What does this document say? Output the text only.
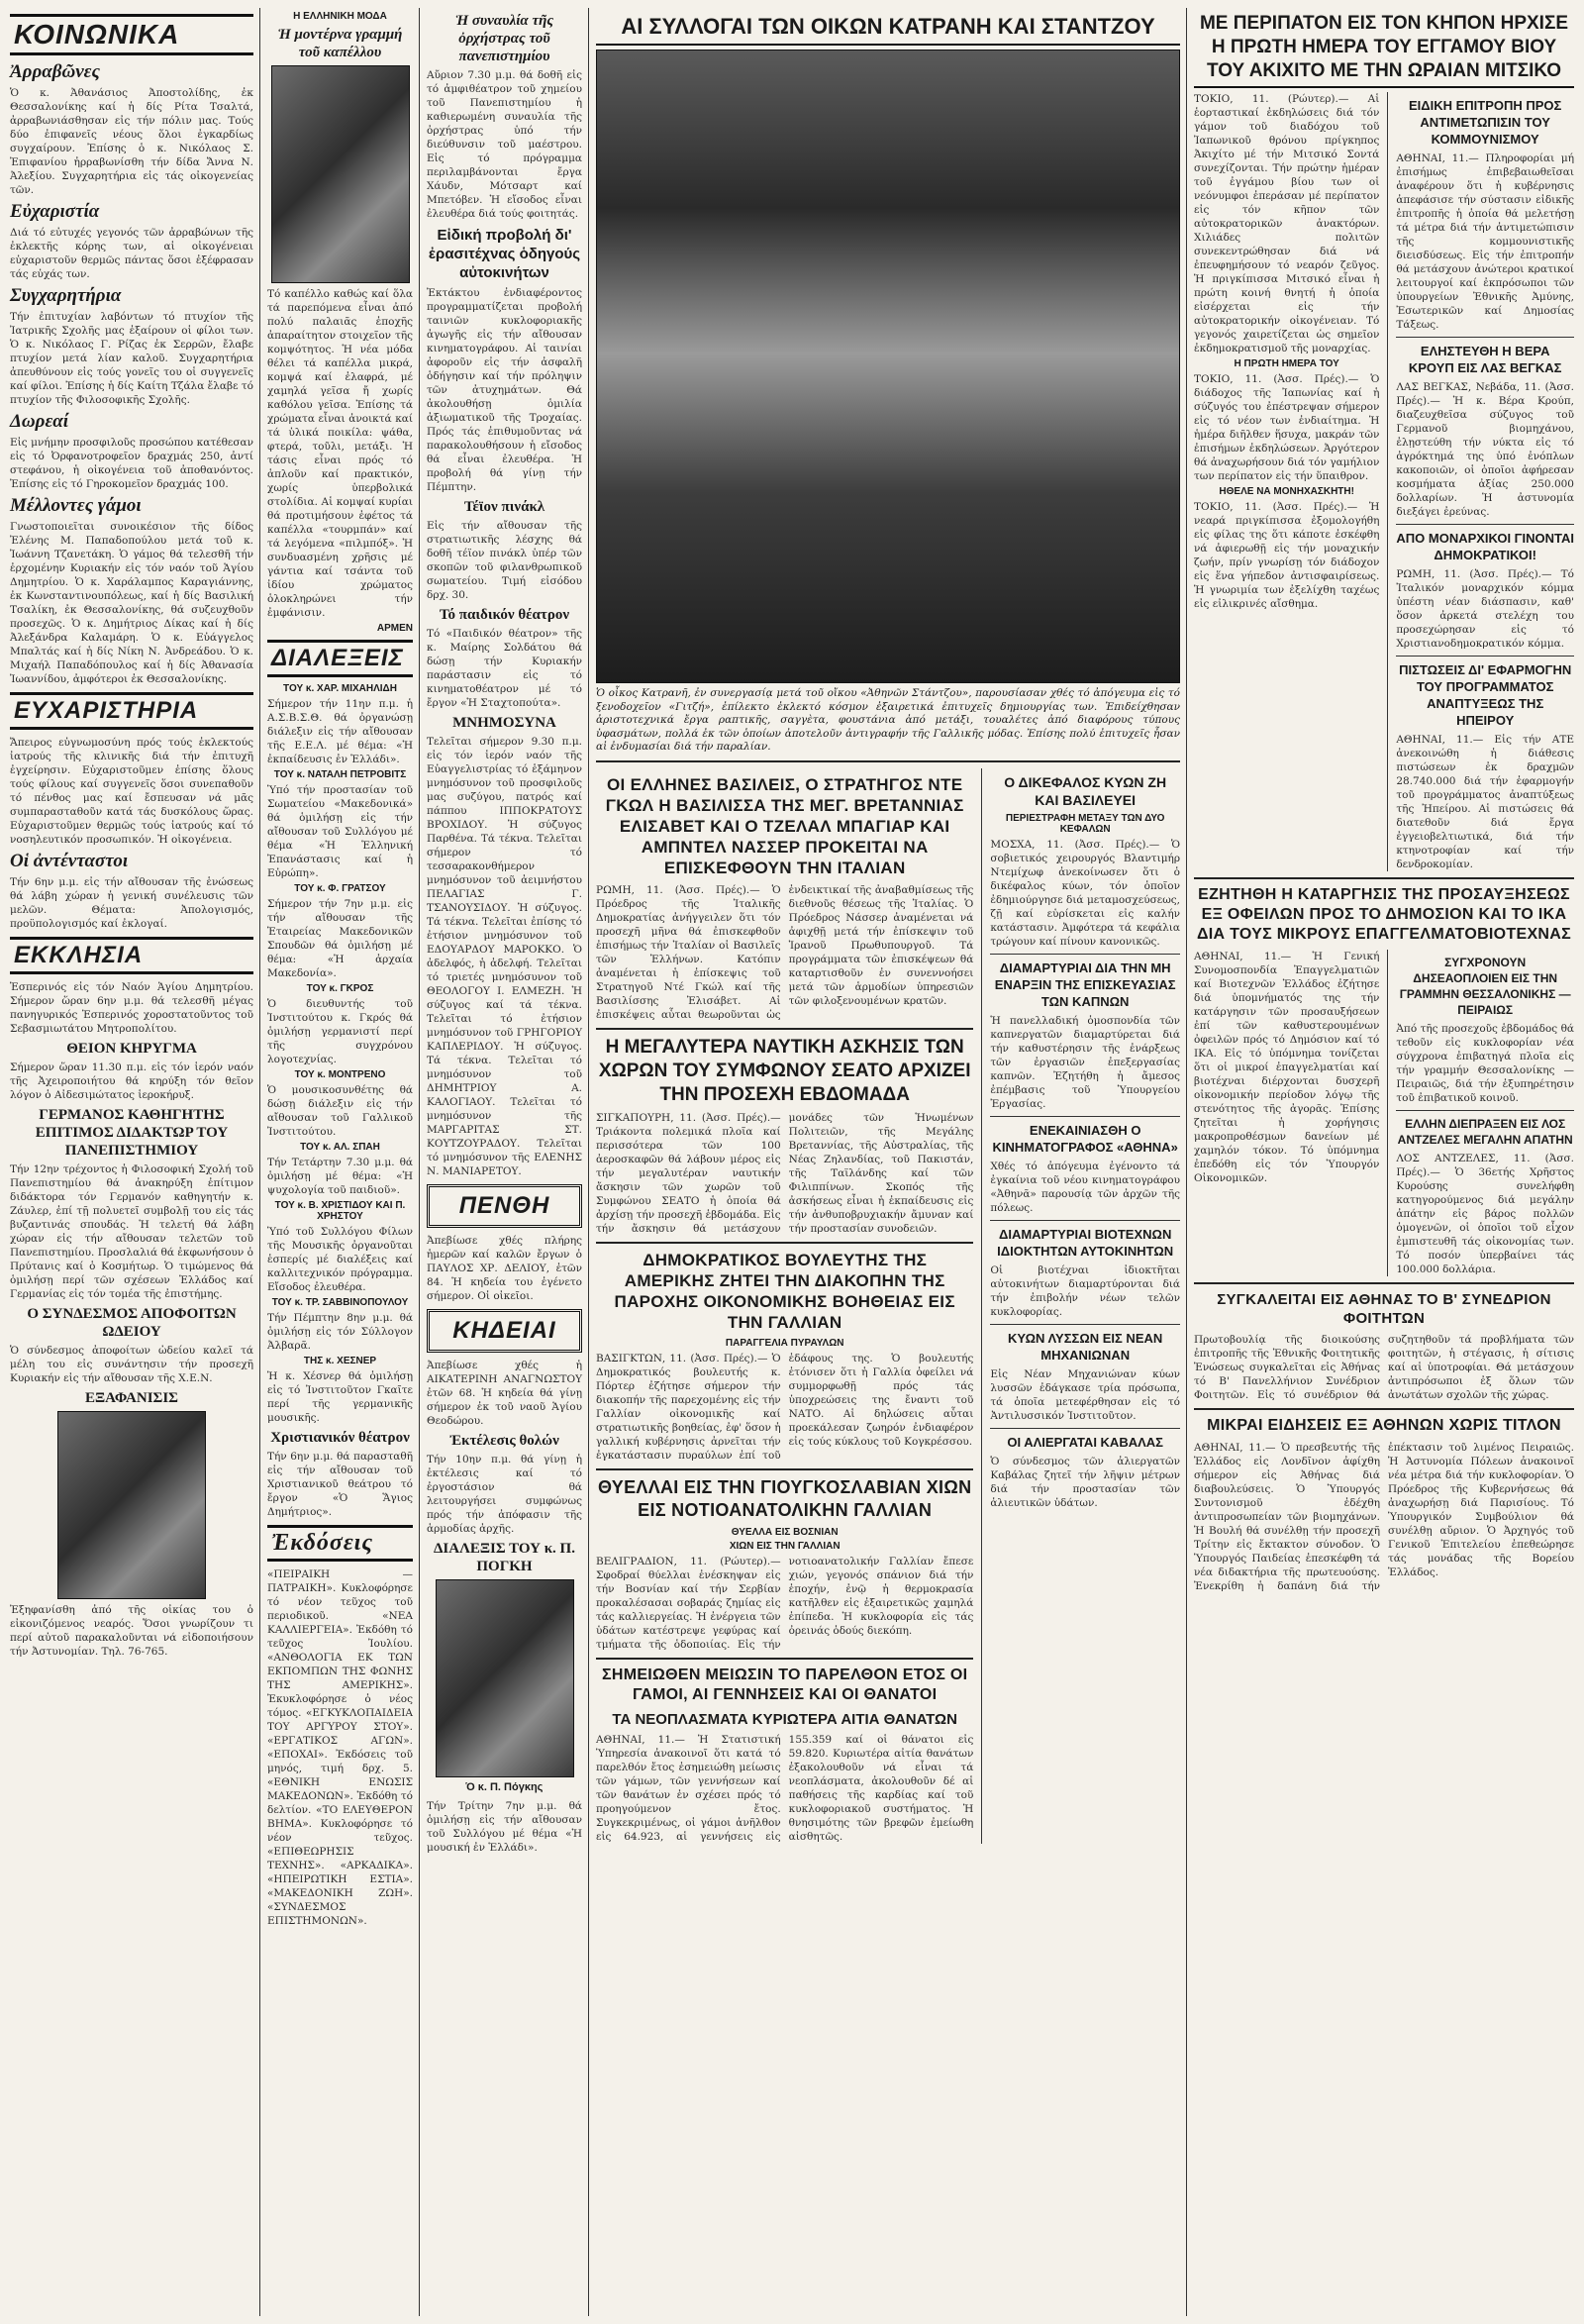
ΚΟΙΝΩΝΙΚΑ
Ἀρραβῶνες
Ὁ κ. Ἀθανάσιος Ἀποστολίδης, ἐκ Θεσσαλονίκης καί ἡ δίς Ρίτα Τσαλτά, ἀρραβωνιάσθησαν εἰς τήν πόλιν μας. Τούς δύο ἐπιφανεῖς νέους ὅλοι ἐγκαρδίως συγχαίρουν. Ἐπίσης ὁ κ. Νικόλαος Σ. Ἐπιφανίου ἠρραβωνίσθη τήν δίδα Ἄννα Ν. Ἀλεξίου. Συγχαρητήρια εἰς τάς οἰκογενείας τῶν.
Εὐχαριστία
Διά τό εὐτυχές γεγονός τῶν ἀρραβώνων τῆς ἐκλεκτῆς κόρης των, αἱ οἰκογένειαι εὐχαριστοῦν θερμῶς πάντας ὅσοι ἐξέφρασαν τάς εὐχάς των.
Συγχαρητήρια
Τήν ἐπιτυχίαν λαβόντων τό πτυχίον τῆς Ἰατρικῆς Σχολῆς μας ἐξαίρουν οἱ φίλοι των. Ὁ κ. Νικόλαος Γ. Ρίζας ἐκ Σερρῶν, ἔλαβε πτυχίον μετά λίαν καλοῦ. Συγχαρητήρια ἀπευθύνουν εἰς τούς γονεῖς του οἱ συγγενεῖς καί φίλοι. Ἐπίσης ἡ δίς Καίτη Τζάλα ἔλαβε τό πτυχίον τῆς Φιλοσοφικῆς Σχολῆς.
Δωρεαί
Εἰς μνήμην προσφιλοῦς προσώπου κατέθεσαν εἰς τό Ὀρφανοτροφεῖον δραχμάς 250, ἀντί στεφάνου, ἡ οἰκογένεια τοῦ ἀποθανόντος. Ἐπίσης εἰς τό Γηροκομεῖον δραχμάς 100.
Μέλλοντες γάμοι
Γνωστοποιεῖται συνοικέσιον τῆς δίδος Ἐλένης Μ. Παπαδοπούλου μετά τοῦ κ. Ἰωάννη Τζανετάκη. Ὁ γάμος θά τελεσθῆ τήν ἐρχομένην Κυριακήν εἰς τόν ναόν τοῦ Ἁγίου Δημητρίου. Ὁ κ. Χαράλαμπος Καραγιάννης, ἐκ Κωνσταντινουπόλεως, καί ἡ δίς Βασιλική Τσαλίκη, ἐκ Θεσσαλονίκης, θά συζευχθοῦν προσεχῶς. Ὁ κ. Δημήτριος Δίκας καί ἡ δίς Ἀλεξάνδρα Καλαμάρη. Ὁ κ. Εὐάγγελος Μπαλτάς καί ἡ δίς Νίκη Ν. Ἀνδρεάδου. Ὁ κ. Μιχαήλ Παπαδόπουλος καί ἡ δίς Ἀθανασία Ἰωαννίδου, ἀμφότεροι ἐκ Θεσσαλονίκης.
ΕΥΧΑΡΙΣΤΗΡΙΑ
Ἄπειρος εὐγνωμοσύνη πρός τούς ἐκλεκτούς ἰατρούς τῆς κλινικῆς διά τήν ἐπιτυχῆ ἐγχείρησιν. Εὐχαριστοῦμεν ἐπίσης ὅλους τούς φίλους καί συγγενεῖς ὅσοι συνεπαθοῦν τό πένθος μας καί ἔσπευσαν νά μᾶς συμπαρασταθοῦν κατά τάς δυσκόλους ὥρας. Εὐχαριστοῦμεν θερμῶς τούς ἰατρούς καί τό νοσηλευτικόν προσωπικόν. Ἡ οἰκογένεια.
Οἱ ἀντένταστοι
Τήν 6ην μ.μ. εἰς τήν αἴθουσαν τῆς ἑνώσεως θά λάβη χώραν ἡ γενική συνέλευσις τῶν μελῶν. Θέματα: Ἀπολογισμός, προϋπολογισμός καί ἐκλογαί.
ΕΚΚΛΗΣΙΑ
Ἑσπερινός εἰς τόν Ναόν Ἁγίου Δημητρίου. Σήμερον ὥραν 6ην μ.μ. θά τελεσθῆ μέγας πανηγυρικός Ἑσπερινός χοροστατοῦντος τοῦ Σεβασμιωτάτου Μητροπολίτου.
ΘΕΙΟΝ ΚΗΡΥΓΜΑ
Σήμερον ὥραν 11.30 π.μ. εἰς τόν ἱερόν ναόν τῆς Ἀχειροποιήτου θά κηρύξη τόν θεῖον λόγον ὁ Αἰδεσιμώτατος ἱεροκήρυξ.
ΓΕΡΜΑΝΟΣ ΚΑΘΗΓΗΤΗΣ ΕΠΙΤΙΜΟΣ ΔΙΔΑΚΤΩΡ ΤΟΥ ΠΑΝΕΠΙΣΤΗΜΙΟΥ
Τήν 12ην τρέχοντος ἡ Φιλοσοφική Σχολή τοῦ Πανεπιστημίου θά ἀνακηρύξη ἐπίτιμον διδάκτορα τόν Γερμανόν καθηγητήν κ. Ζάυλερ, ἐπί τῇ πολυετεῖ συμβολῇ του εἰς τάς βυζαντινάς σπουδάς. Ἡ τελετή θά λάβη χώραν εἰς τήν αἴθουσαν τελετῶν τοῦ Πανεπιστημίου. Προσλαλιά θά ἐκφωνήσουν ὁ Πρύτανις καί ὁ Κοσμήτωρ. Ὁ τιμώμενος θά ὁμιλήσῃ περί τῶν σχέσεων Ἑλλάδος καί Γερμανίας εἰς τόν τομέα τῆς ἐπιστήμης.
Ο ΣΥΝΔΕΣΜΟΣ ΑΠΟΦΟΙΤΩΝ ΩΔΕΙΟΥ
Ὁ σύνδεσμος ἀποφοίτων ὠδείου καλεῖ τά μέλη του εἰς συνάντησιν τήν προσεχῆ Κυριακήν εἰς τήν αἴθουσαν τῆς Χ.Ε.Ν.
ΕΞΑΦΑΝΙΣΙΣ
Ἐξηφανίσθη ἀπό τῆς οἰκίας του ὁ εἰκονιζόμενος νεαρός. Ὅσοι γνωρίζουν τι περί αὐτοῦ παρακαλοῦνται νά εἰδοποιήσουν τήν Ἀστυνομίαν. Τηλ. 76-765.
Η ΕΛΛΗΝΙΚΗ ΜΟΔΑ
Ἡ μοντέρνα γραμμή τοῦ καπέλλου
Τό καπέλλο καθώς καί ὅλα τά παρεπόμενα εἶναι ἀπό πολύ παλαιᾶς ἐποχῆς ἀπαραίτητον στοιχεῖον τῆς κομψότητος. Ἡ νέα μόδα θέλει τά καπέλλα μικρά, κομψά καί ἐλαφρά, μέ χαμηλά γεῖσα ἤ χωρίς καθόλου γεῖσα. Ἐπίσης τά χρώματα εἶναι ἀνοικτά καί τά ὑλικά ποικίλα: ψάθα, φτερά, τοῦλι, μετάξι. Ἡ τάσις εἶναι πρός τό ἁπλοῦν καί πρακτικόν, χωρίς ὑπερβολικά στολίδια. Αἱ κομψαί κυρίαι θά προτιμήσουν ἐφέτος τά καπέλλα «τουρμπάν» καί τά λεγόμενα «πιλμπόξ». Ἡ συνδυασμένη χρῆσις μέ γάντια καί τσάντα τοῦ ἰδίου χρώματος ὁλοκληρώνει τήν ἐμφάνισιν.
ΑΡΜΕΝ
ΔΙΑΛΕΞΕΙΣ
ΤΟΥ κ. ΧΑΡ. ΜΙΧΑΗΛΙΔΗ
Σήμερον τήν 11ην π.μ. ἡ Α.Σ.Β.Σ.Θ. θά ὀργανώσῃ διάλεξιν εἰς τήν αἴθουσαν τῆς Ε.Ε.Λ. μέ θέμα: «Ἡ ἐκπαίδευσις ἐν Ἑλλάδι».
ΤΟΥ κ. ΝΑΤΑΛΗ ΠΕΤΡΟΒΙΤΣ
Ὑπό τήν προστασίαν τοῦ Σωματείου «Μακεδονικά» θά ὁμιλήσῃ εἰς τήν αἴθουσαν τοῦ Συλλόγου μέ θέμα «Ἡ Ἑλληνική Ἐπανάστασις καί ἡ Εὐρώπη».
ΤΟΥ κ. Φ. ΓΡΑΤΣΟΥ
Σήμερον τήν 7ην μ.μ. εἰς τήν αἴθουσαν τῆς Ἑταιρείας Μακεδονικῶν Σπουδῶν θά ὁμιλήσῃ μέ θέμα: «Ἡ ἀρχαία Μακεδονία».
ΤΟΥ κ. ΓΚΡΟΣ
Ὁ διευθυντής τοῦ Ἰνστιτούτου κ. Γκρός θά ὁμιλήσῃ γερμανιστί περί τῆς συγχρόνου λογοτεχνίας.
ΤΟΥ κ. ΜΟΝΤΡΕΝΟ
Ὁ μουσικοσυνθέτης θά δώσῃ διάλεξιν εἰς τήν αἴθουσαν τοῦ Γαλλικοῦ Ἰνστιτούτου.
ΤΟΥ κ. ΑΛ. ΣΠΑΗ
Τήν Τετάρτην 7.30 μ.μ. θά ὁμιλήσῃ μέ θέμα: «Ἡ ψυχολογία τοῦ παιδιοῦ».
ΤΟΥ κ. Β. ΧΡΙΣΤΙΔΟΥ ΚΑΙ Π. ΧΡΗΣΤΟΥ
Ὑπό τοῦ Συλλόγου Φίλων τῆς Μουσικῆς ὀργανοῦται ἑσπερίς μέ διαλέξεις καί καλλιτεχνικόν πρόγραμμα. Εἴσοδος ἐλευθέρα.
ΤΟΥ κ. ΤΡ. ΣΑΒΒΙΝΟΠΟΥΛΟΥ
Τήν Πέμπτην 8ην μ.μ. θά ὁμιλήσῃ εἰς τόν Σύλλογον Ἀλβαρᾶ.
ΤΗΣ κ. ΧΕΣΝΕΡ
Ἡ κ. Χέσνερ θά ὁμιλήσῃ εἰς τό Ἰνστιτοῦτον Γκαῖτε περί τῆς γερμανικῆς μουσικῆς.
Χριστιανικόν θέατρον
Τήν 6ην μ.μ. θά παρασταθῆ εἰς τήν αἴθουσαν τοῦ Χριστιανικοῦ θεάτρου τό ἔργον «Ὁ Ἅγιος Δημήτριος».
Ἐκδόσεις
«ΠΕΙΡΑΙΚΗ — ΠΑΤΡΑΙΚΗ». Κυκλοφόρησε τό νέον τεῦχος τοῦ περιοδικοῦ. «ΝΕΑ ΚΑΛΛΙΕΡΓΕΙΑ». Ἐκδόθη τό τεῦχος Ἰουλίου. «ΑΝΘΟΛΟΓΙΑ ΕΚ ΤΩΝ ΕΚΠΟΜΠΩΝ ΤΗΣ ΦΩΝΗΣ ΤΗΣ ΑΜΕΡΙΚΗΣ». Ἐκυκλοφόρησε ὁ νέος τόμος. «ΕΓΚΥΚΛΟΠΑΙΔΕΙΑ ΤΟΥ ΑΡΓΥΡΟΥ ΣΤΟΥ». «ΕΡΓΑΤΙΚΟΣ ΑΓΩΝ». «ΕΠΟΧΑΙ». Ἐκδόσεις τοῦ μηνός, τιμή δρχ. 5. «ΕΘΝΙΚΗ ΕΝΩΣΙΣ ΜΑΚΕΔΟΝΩΝ». Ἐκδόθη τό δελτίον. «ΤΟ ΕΛΕΥΘΕΡΟΝ ΒΗΜΑ». Κυκλοφόρησε τό νέον τεῦχος. «ΕΠΙΘΕΩΡΗΣΙΣ ΤΕΧΝΗΣ». «ΑΡΚΑΔΙΚΑ». «ΗΠΕΙΡΩΤΙΚΗ ΕΣΤΙΑ». «ΜΑΚΕΔΟΝΙΚΗ ΖΩΗ». «ΣΥΝΔΕΣΜΟΣ ΕΠΙΣΤΗΜΟΝΩΝ».
Ἡ συναυλία τῆς ὀρχήστρας τοῦ πανεπιστημίου
Αὔριον 7.30 μ.μ. θά δοθῆ εἰς τό ἀμφιθέατρον τοῦ χημείου τοῦ Πανεπιστημίου ἡ καθιερωμένη συναυλία τῆς ὀρχήστρας ὑπό τήν διεύθυνσιν τοῦ μαέστρου. Εἰς τό πρόγραμμα περιλαμβάνονται ἔργα Χάυδν, Μότσαρτ καί Μπετόβεν. Ἡ εἴσοδος εἶναι ἐλευθέρα διά τούς φοιτητάς.
Εἰδική προβολή δι' ἐρασιτέχνας ὁδηγούς αὐτοκινήτων
Ἐκτάκτου ἐνδιαφέροντος προγραμματίζεται προβολή ταινιῶν κυκλοφοριακῆς ἀγωγῆς εἰς τήν αἴθουσαν κινηματογράφου. Αἱ ταινίαι ἀφοροῦν εἰς τήν ἀσφαλῆ ὁδήγησιν καί τήν πρόληψιν τῶν ἀτυχημάτων. Θά ἀκολουθήσῃ ὁμιλία ἀξιωματικοῦ τῆς Τροχαίας. Πρός τάς ἐπιθυμοῦντας νά παρακολουθήσουν ἡ εἴσοδος θά εἶναι ἐλευθέρα. Ἡ προβολή θά γίνῃ τήν Πέμπτην.
Τέϊον πινάκλ
Εἰς τήν αἴθουσαν τῆς στρατιωτικῆς λέσχης θά δοθῆ τέϊον πινάκλ ὑπέρ τῶν σκοπῶν τοῦ φιλανθρωπικοῦ σωματείου. Τιμή εἰσόδου δρχ. 30.
Τό παιδικόν θέατρον
Τό «Παιδικόν θέατρον» τῆς κ. Μαίρης Σολδάτου θά δώσῃ τήν Κυριακήν παράστασιν εἰς τό κινηματοθέατρον μέ τό ἔργον «Ἡ Σταχτοπούτα».
ΜΝΗΜΟΣΥΝΑ
Τελεῖται σήμερον 9.30 π.μ. εἰς τόν ἱερόν ναόν τῆς Εὐαγγελιστρίας τό ἑξάμηνον μνημόσυνον τοῦ προσφιλοῦς μας συζύγου, πατρός καί πάππου ΙΠΠΟΚΡΑΤΟΥΣ ΒΡΟΧΙΔΟΥ. Ἡ σύζυγος Παρθένα. Τά τέκνα. Τελεῖται σήμερον τό τεσσαρακονθήμερον μνημόσυνον τοῦ ἀειμνήστου ΠΕΛΑΓΙΑΣ Γ. ΤΣΑΝΟΥΣΙΔΟΥ. Ἡ σύζυγος. Τά τέκνα. Τελεῖται ἐπίσης τό ἐτήσιον μνημόσυνον τοῦ ΕΔΟΥΑΡΔΟΥ ΜΑΡΟΚΚΟ. Ὁ ἀδελφός, ἡ ἀδελφή. Τελεῖται τό τριετές μνημόσυνον τοῦ ΘΕΟΛΟΓΟΥ Ι. ΕΛΜΕΖΗ. Ἡ σύζυγος καί τά τέκνα. Τελεῖται τό ἐτήσιον μνημόσυνον τοῦ ΓΡΗΓΟΡΙΟΥ ΚΑΠΛΕΡΙΔΟΥ. Ἡ σύζυγος. Τά τέκνα. Τελεῖται τό μνημόσυνον τοῦ ΔΗΜΗΤΡΙΟΥ Α. ΚΑΛΟΓΙΑΟΥ. Τελεῖται τό μνημόσυνον τῆς ΜΑΡΓΑΡΙΤΑΣ ΣΤ. ΚΟΥΤΖΟΥΡΑΔΟΥ. Τελεῖται τό μνημόσυνον τῆς ΕΛΕΝΗΣ Ν. ΜΑΝΙΑΡΕΤΟΥ.
ΠΕΝΘΗ
Ἀπεβίωσε χθές πλήρης ἡμερῶν καί καλῶν ἔργων ὁ ΠΑΥΛΟΣ ΧΡ. ΔΕΛΙΟΥ, ἐτῶν 84. Ἡ κηδεία του ἐγένετο σήμερον. Οἱ οἰκεῖοι.
ΚΗΔΕΙΑΙ
Ἀπεβίωσε χθές ἡ ΑΙΚΑΤΕΡΙΝΗ ΑΝΑΓΝΩΣΤΟΥ ἐτῶν 68. Ἡ κηδεία θά γίνῃ σήμερον ἐκ τοῦ ναοῦ Ἁγίου Θεοδώρου.
Ἐκτέλεσις θολών
Τήν 10ην π.μ. θά γίνῃ ἡ ἐκτέλεσις καί τό ἐργοστάσιον θά λειτουργήσει συμφώνως πρός τήν ἀπόφασιν τῆς ἁρμοδίας ἀρχῆς.
ΔΙΑΛΕΞΙΣ ΤΟΥ κ. Π. ΠΟΓΚΗ
Ὁ κ. Π. Πόγκης
Τήν Τρίτην 7ην μ.μ. θά ὁμιλήσῃ εἰς τήν αἴθουσαν τοῦ Συλλόγου μέ θέμα «Ἡ μουσική ἐν Ἑλλάδι».
ΑΙ ΣΥΛΛΟΓΑΙ ΤΩΝ ΟΙΚΩΝ ΚΑΤΡΑΝΗ ΚΑΙ ΣΤΑΝΤΖΟΥ
Ὁ οἶκος Κατρανῆ, ἐν συνεργασίᾳ μετά τοῦ οἴκου «Ἀθηνῶν Στάντζου», παρουσίασαν χθές τό ἀπόγευμα εἰς τό ξενοδοχεῖον «Γιτζή», ἐπίλεκτο ἐκλεκτό κόσμον ἐξαιρετικά ἐπιτυχεῖς δημιουργίας των. Ἐπιδείχθησαν ἀριστοτεχνικά ἔργα ραπτικῆς, σαγγὲτα, φουστάνια ἀπό μετάξι, τουαλέτες ἀπό διαφόρους τύπους ὑφασμάτων, πολλά ἐκ τῶν ὁποίων ἀποτελοῦν ἀντιγραφήν τῆς Γαλλικῆς μόδας. Ἐπίσης πολύ ἐπιτυχεῖς ἦσαν αἱ ἐνδυμασίαι διά τήν παραλίαν.
ΟΙ ΕΛΛΗΝΕΣ ΒΑΣΙΛΕΙΣ, Ο ΣΤΡΑΤΗΓΟΣ ΝΤΕ ΓΚΩΛ Η ΒΑΣΙΛΙΣΣΑ ΤΗΣ ΜΕΓ. ΒΡΕΤΑΝΝΙΑΣ ΕΛΙΣΑΒΕΤ ΚΑΙ Ο ΤΖΕΛΑΛ ΜΠΑΓΙΑΡ ΚΑΙ ΑΜΠΝΤΕΛ ΝΑΣΣΕΡ ΠΡΟΚΕΙΤΑΙ ΝΑ ΕΠΙΣΚΕΦΘΟΥΝ ΤΗΝ ΙΤΑΛΙΑΝ
ΡΩΜΗ, 11. (Ἀσσ. Πρές).— Ὁ Πρόεδρος τῆς Ἰταλικῆς Δημοκρατίας ἀνήγγειλεν ὅτι τόν προσεχῆ μῆνα θά ἐπισκεφθοῦν ἐπισήμως τήν Ἰταλίαν οἱ Βασιλεῖς τῶν Ἑλλήνων. Κατόπιν ἀναμένεται ἡ ἐπίσκεψις τοῦ Στρατηγοῦ Ντέ Γκώλ καί τῆς Βασιλίσσης Ἐλισάβετ. Αἱ ἐπισκέψεις αὗται θεωροῦνται ὡς ἐνδεικτικαί τῆς ἀναβαθμίσεως τῆς διεθνοῦς θέσεως τῆς Ἰταλίας. Ὁ Πρόεδρος Νάσσερ ἀναμένεται νά ἀφιχθῇ μετά τήν ἐπίσκεψιν τοῦ Ἰρανοῦ Πρωθυπουργοῦ. Τά προγράμματα τῶν ἐπισκέψεων θά καταρτισθοῦν ἐν συνεννοήσει μετά τῶν ἁρμοδίων ὑπηρεσιῶν τῶν φιλοξενουμένων κρατῶν.
Η ΜΕΓΑΛΥΤΕΡΑ ΝΑΥΤΙΚΗ ΑΣΚΗΣΙΣ ΤΩΝ ΧΩΡΩΝ ΤΟΥ ΣΥΜΦΩΝΟΥ ΣΕΑΤΟ ΑΡΧΙΖΕΙ ΤΗΝ ΠΡΟΣΕΧΗ ΕΒΔΟΜΑΔΑ
ΣΙΓΚΑΠΟΥΡΗ, 11. (Ἀσσ. Πρές).— Τριάκοντα πολεμικά πλοῖα καί περισσότερα τῶν 100 ἀεροσκαφῶν θά λάβουν μέρος εἰς τήν μεγαλυτέραν ναυτικήν ἄσκησιν τῶν χωρῶν τοῦ Συμφώνου ΣΕΑΤΟ ἡ ὁποία θά ἀρχίσῃ τήν προσεχῆ ἑβδομάδα. Εἰς τήν ἄσκησιν θά μετάσχουν μονάδες τῶν Ἡνωμένων Πολιτειῶν, τῆς Μεγάλης Βρεταννίας, τῆς Αὐστραλίας, τῆς Νέας Ζηλανδίας, τοῦ Πακιστάν, τῆς Ταϊλάνδης καί τῶν Φιλιππίνων. Σκοπός τῆς ἀσκήσεως εἶναι ἡ ἐκπαίδευσις εἰς τήν ἀνθυποβρυχιακήν ἄμυναν καί τήν προστασίαν συνοδειῶν.
ΔΗΜΟΚΡΑΤΙΚΟΣ ΒΟΥΛΕΥΤΗΣ ΤΗΣ ΑΜΕΡΙΚΗΣ ΖΗΤΕΙ ΤΗΝ ΔΙΑΚΟΠΗΝ ΤΗΣ ΠΑΡΟΧΗΣ ΟΙΚΟΝΟΜΙΚΗΣ ΒΟΗΘΕΙΑΣ ΕΙΣ ΤΗΝ ΓΑΛΛΙΑΝ
ΠΑΡΑΓΓΕΛΙΑ ΠΥΡΑΥΛΩΝ
ΒΑΣΙΓΚΤΩΝ, 11. (Ἀσσ. Πρές).— Ὁ Δημοκρατικός βουλευτής κ. Πόρτερ ἐζήτησε σήμερον τήν διακοπήν τῆς παρεχομένης εἰς τήν Γαλλίαν οἰκονομικῆς καί στρατιωτικῆς βοηθείας, ἐφ' ὅσον ἡ γαλλική κυβέρνησις ἀρνεῖται τήν ἐγκατάστασιν πυραύλων ἐπί τοῦ ἐδάφους της. Ὁ βουλευτής ἐτόνισεν ὅτι ἡ Γαλλία ὀφείλει νά συμμορφωθῇ πρός τάς ὑποχρεώσεις της ἔναντι τοῦ ΝΑΤΟ. Αἱ δηλώσεις αὗται προεκάλεσαν ζωηρόν ἐνδιαφέρον εἰς τούς κύκλους τοῦ Κογκρέσσου.
ΘΥΕΛΛΑΙ ΕΙΣ ΤΗΝ ΓΙΟΥΓΚΟΣΛΑΒΙΑΝ ΧΙΩΝ ΕΙΣ ΝΟΤΙΟΑΝΑΤΟΛΙΚΗΝ ΓΑΛΛΙΑΝ
ΘΥΕΛΛΑ ΕΙΣ ΒΟΣΝΙΑΝ
ΧΙΩΝ ΕΙΣ ΤΗΝ ΓΑΛΛΙΑΝ
ΒΕΛΙΓΡΑΔΙΟΝ, 11. (Ρώυτερ).— Σφοδραί θύελλαι ἐνέσκηψαν εἰς τήν Βοσνίαν καί τήν Σερβίαν προκαλέσασαι σοβαράς ζημίας εἰς τάς καλλιεργείας. Ἡ ἐνέργεια τῶν ὑδάτων κατέστρεψε γεφύρας καί τμήματα τῆς ὁδοποιίας. Εἰς τήν νοτιοανατολικήν Γαλλίαν ἔπεσε χιών, γεγονός σπάνιον διά τήν ἐποχήν, ἐνῷ ἡ θερμοκρασία κατῆλθεν εἰς ἐξαιρετικῶς χαμηλά ἐπίπεδα. Ἡ κυκλοφορία εἰς τάς ὀρεινάς ὁδούς διεκόπη.
ΣΗΜΕΙΩΘΕΝ ΜΕΙΩΣΙΝ ΤΟ ΠΑΡΕΛΘΟΝ ΕΤΟΣ ΟΙ ΓΑΜΟΙ, ΑΙ ΓΕΝΝΗΣΕΙΣ ΚΑΙ ΟΙ ΘΑΝΑΤΟΙ
ΤΑ ΝΕΟΠΛΑΣΜΑΤΑ ΚΥΡΙΩΤΕΡΑ ΑΙΤΙΑ ΘΑΝΑΤΩΝ
ΑΘΗΝΑΙ, 11.— Ἡ Στατιστική Ὑπηρεσία ἀνακοινοῖ ὅτι κατά τό παρελθόν ἔτος ἐσημειώθη μείωσις τῶν γάμων, τῶν γεννήσεων καί τῶν θανάτων ἐν σχέσει πρός τό προηγούμενον ἔτος. Συγκεκριμένως, οἱ γάμοι ἀνῆλθον εἰς 64.923, αἱ γεννήσεις εἰς 155.359 καί οἱ θάνατοι εἰς 59.820. Κυριωτέρα αἰτία θανάτων ἐξακολουθοῦν νά εἶναι τά νεοπλάσματα, ἀκολουθοῦν δέ αἱ παθήσεις τῆς καρδίας καί τοῦ κυκλοφοριακοῦ συστήματος. Ἡ θνησιμότης τῶν βρεφῶν ἐμείωθη αἰσθητῶς.
Ο ΔΙΚΕΦΑΛΟΣ ΚΥΩΝ ΖΗ ΚΑΙ ΒΑΣΙΛΕΥΕΙ
ΠΕΡΙΕΣΤΡΑΦΗ ΜΕΤΑΞΥ ΤΩΝ ΔΥΟ ΚΕΦΑΛΩΝ
ΜΟΣΧΑ, 11. (Ἀσσ. Πρές).— Ὁ σοβιετικός χειρουργός Βλαντιμήρ Ντεμίχωφ ἀνεκοίνωσεν ὅτι ὁ δικέφαλος κύων, τόν ὁποῖον ἐδημιούργησε διά μεταμοσχεύσεως, ζῇ καί εὑρίσκεται εἰς καλήν κατάστασιν. Ἀμφότερα τά κεφάλια τρώγουν καί πίνουν κανονικῶς.
ΔΙΑΜΑΡΤΥΡΙΑΙ ΔΙΑ ΤΗΝ ΜΗ ΕΝΑΡΞΙΝ ΤΗΣ ΕΠΙΣΚΕΥΑΣΙΑΣ ΤΩΝ ΚΑΠΝΩΝ
Ἡ πανελλαδική ὁμοσπονδία τῶν καπνεργατῶν διαμαρτύρεται διά τήν καθυστέρησιν τῆς ἐνάρξεως τῶν ἐργασιῶν ἐπεξεργασίας καπνῶν. Ἐζητήθη ἡ ἄμεσος ἐπέμβασις τοῦ Ὑπουργείου Ἐργασίας.
ΕΝΕΚΑΙΝΙΑΣΘΗ Ο ΚΙΝΗΜΑΤΟΓΡΑΦΟΣ «ΑΘΗΝΑ»
Χθές τό ἀπόγευμα ἐγένοντο τά ἐγκαίνια τοῦ νέου κινηματογράφου «Ἀθηνᾶ» παρουσίᾳ τῶν ἀρχῶν τῆς πόλεως.
ΔΙΑΜΑΡΤΥΡΙΑΙ ΒΙΟΤΕΧΝΩΝ ΙΔΙΟΚΤΗΤΩΝ ΑΥΤΟΚΙΝΗΤΩΝ
Οἱ βιοτέχναι ἰδιοκτῆται αὐτοκινήτων διαμαρτύρονται διά τήν ἐπιβολήν νέων τελῶν κυκλοφορίας.
ΚΥΩΝ ΛΥΣΣΩΝ ΕΙΣ ΝΕΑΝ ΜΗΧΑΝΙΩΝΑΝ
Εἰς Νέαν Μηχανιώναν κύων λυσσῶν ἐδάγκασε τρία πρόσωπα, τά ὁποῖα μετεφέρθησαν εἰς τό Ἀντιλυσσικόν Ἰνστιτοῦτον.
ΟΙ ΑΛΙΕΡΓΑΤΑΙ ΚΑΒΑΛΑΣ
Ὁ σύνδεσμος τῶν ἀλιεργατῶν Καβάλας ζητεῖ τήν λῆψιν μέτρων διά τήν προστασίαν τῶν ἁλιευτικῶν ὑδάτων.
ΜΕ ΠΕΡΙΠΑΤΟΝ ΕΙΣ ΤΟΝ ΚΗΠΟΝ ΗΡΧΙΣΕ Η ΠΡΩΤΗ ΗΜΕΡΑ ΤΟΥ ΕΓΓΑΜΟΥ ΒΙΟΥ ΤΟΥ ΑΚΙΧΙΤΟ ΜΕ ΤΗΝ ΩΡΑΙΑΝ ΜΙΤΣΙΚΟ
ΤΟΚΙΟ, 11. (Ρώυτερ).— Αἱ ἑορταστικαί ἐκδηλώσεις διά τόν γάμον τοῦ διαδόχου τοῦ Ἰαπωνικοῦ θρόνου πρίγκηπος Ἀκιχίτο μέ τήν Μιτσικό Σοντά συνεχίζονται. Τήν πρώτην ἡμέραν τοῦ ἐγγάμου βίου των οἱ νεόνυμφοι ἐπεράσαν μέ περίπατον εἰς τόν κῆπον τῶν αὐτοκρατορικῶν ἀνακτόρων. Χιλιάδες πολιτῶν συνεκεντρώθησαν διά νά ἐπευφημήσουν τό νεαρόν ζεῦγος. Ἡ πριγκίπισσα Μιτσικό εἶναι ἡ πρώτη κοινή θνητή ἡ ὁποία εἰσέρχεται εἰς τήν αὐτοκρατορικήν οἰκογένειαν. Τό γεγονός χαιρετίζεται ὡς σημεῖον ἐκδημοκρατισμοῦ τῆς μοναρχίας.
Η ΠΡΩΤΗ ΗΜΕΡΑ ΤΟΥ
ΤΟΚΙΟ, 11. (Ἀσσ. Πρές).— Ὁ διάδοχος τῆς Ἰαπωνίας καί ἡ σύζυγός του ἐπέστρεψαν σήμερον εἰς τό νέον των ἐνδιαίτημα. Ἡ ἡμέρα διῆλθεν ἥσυχα, μακράν τῶν ἐπισήμων ἐκδηλώσεων. Ἀργότερον θά ἀναχωρήσουν διά τόν γαμήλιον των περίπατον εἰς τήν ὕπαιθρον.
ΗΘΕΛΕ ΝΑ ΜΟΝΗΧΑΣΚΗΤΗ!
ΤΟΚΙΟ, 11. (Ἀσσ. Πρές).— Ἡ νεαρά πριγκίπισσα ἐξομολογήθη εἰς φίλας της ὅτι κάποτε ἐσκέφθη νά ἀφιερωθῇ εἰς τήν μοναχικήν ζωήν, πρίν γνωρίσῃ τόν διάδοχον εἰς ἕνα γήπεδον ἀντισφαιρίσεως. Ἡ γνωριμία των ἐξελίχθη ταχέως εἰς εἰλικρινές αἴσθημα.
ΕΙΔΙΚΗ ΕΠΙΤΡΟΠΗ ΠΡΟΣ ΑΝΤΙΜΕΤΩΠΙΣΙΝ ΤΟΥ ΚΟΜΜΟΥΝΙΣΜΟΥ
ΑΘΗΝΑΙ, 11.— Πληροφορίαι μή ἐπισήμως ἐπιβεβαιωθεῖσαι ἀναφέρουν ὅτι ἡ κυβέρνησις ἀπεφάσισε τήν σύστασιν εἰδικῆς ἐπιτροπῆς ἡ ὁποία θά μελετήσῃ τά μέτρα διά τήν ἀντιμετώπισιν τῆς κομμουνιστικῆς διεισδύσεως. Εἰς τήν ἐπιτροπήν θά μετάσχουν ἀνώτεροι κρατικοί λειτουργοί καί ἐκπρόσωποι τῶν ὑπουργείων Ἐθνικῆς Ἀμύνης, Ἐσωτερικῶν καί Δημοσίας Τάξεως.
ΕΛΗΣΤΕΥΘΗ Η ΒΕΡΑ ΚΡΟΥΠ ΕΙΣ ΛΑΣ ΒΕΓΚΑΣ
ΛΑΣ ΒΕΓΚΑΣ, Νεβάδα, 11. (Ἀσσ. Πρές).— Ἡ κ. Βέρα Κρούπ, διαζευχθεῖσα σύζυγος τοῦ Γερμανοῦ βιομηχάνου, ἐλῃστεύθη τήν νύκτα εἰς τό ἀγρόκτημά της ὑπό ἐνόπλων κακοποιῶν, οἱ ὁποῖοι ἀφήρεσαν κοσμήματα ἀξίας 250.000 δολλαρίων. Ἡ ἀστυνομία διεξάγει ἐρεύνας.
ΑΠΟ ΜΟΝΑΡΧΙΚΟΙ ΓΙΝΟΝΤΑΙ ΔΗΜΟΚΡΑΤΙΚΟΙ!
ΡΩΜΗ, 11. (Ἀσσ. Πρές).— Τό Ἰταλικόν μοναρχικόν κόμμα ὑπέστη νέαν διάσπασιν, καθ' ὅσον ἀρκετά στελέχη του προσεχώρησαν εἰς τό Χριστιανοδημοκρατικόν κόμμα.
ΠΙΣΤΩΣΕΙΣ ΔΙ' ΕΦΑΡΜΟΓΗΝ ΤΟΥ ΠΡΟΓΡΑΜΜΑΤΟΣ ΑΝΑΠΤΥΞΕΩΣ ΤΗΣ ΗΠΕΙΡΟΥ
ΑΘΗΝΑΙ, 11.— Εἰς τήν ΑΤΕ ἀνεκοινώθη ἡ διάθεσις πιστώσεων ἐκ δραχμῶν 28.740.000 διά τήν ἐφαρμογήν τοῦ προγράμματος ἀναπτύξεως τῆς Ἠπείρου. Αἱ πιστώσεις θά διατεθοῦν διά ἔργα ἐγγειοβελτιωτικά, διά τήν κτηνοτροφίαν καί τήν δενδροκομίαν.
ΕΖΗΤΗΘΗ Η ΚΑΤΑΡΓΗΣΙΣ ΤΗΣ ΠΡΟΣΑΥΞΗΣΕΩΣ ΕΞ ΟΦΕΙΛΩΝ ΠΡΟΣ ΤΟ ΔΗΜΟΣΙΟΝ ΚΑΙ ΤΟ ΙΚΑ ΔΙΑ ΤΟΥΣ ΜΙΚΡΟΥΣ ΕΠΑΓΓΕΛΜΑΤΟΒΙΟΤΕΧΝΑΣ
ΑΘΗΝΑΙ, 11.— Ἡ Γενική Συνομοσπονδία Ἐπαγγελματιῶν καί Βιοτεχνῶν Ἑλλάδος ἐζήτησε διά ὑπομνήματός της τήν κατάργησιν τῶν προσαυξήσεων ἐπί τῶν καθυστερουμένων ὀφειλῶν πρός τό Δημόσιον καί τό ΙΚΑ. Εἰς τό ὑπόμνημα τονίζεται ὅτι οἱ μικροί ἐπαγγελματίαι καί βιοτέχναι διέρχονται δυσχερῆ οἰκονομικήν περίοδον λόγῳ τῆς στενότητος τῆς ἀγορᾶς. Ἐπίσης ζητεῖται ἡ χορήγησις μακροπροθέσμων δανείων μέ χαμηλόν τόκον. Τό ὑπόμνημα ἐπεδόθη εἰς τόν Ὑπουργόν Οἰκονομικῶν.
ΣΥΓΧΡΟΝΟΥΝ ΔΗΣΕΑΟΠΛΟΙΕΝ ΕΙΣ ΤΗΝ ΓΡΑΜΜΗΝ ΘΕΣΣΑΛΟΝΙΚΗΣ — ΠΕΙΡΑΙΩΣ
Ἀπό τῆς προσεχοῦς ἑβδομάδος θά τεθοῦν εἰς κυκλοφορίαν νέα σύγχρονα ἐπιβατηγά πλοῖα εἰς τήν γραμμήν Θεσσαλονίκης — Πειραιῶς, διά τήν ἐξυπηρέτησιν τοῦ ἐπιβατικοῦ κοινοῦ.
ΕΛΛΗΝ ΔΙΕΠΡΑΞΕΝ ΕΙΣ ΛΟΣ ΑΝΤΖΕΛΕΣ ΜΕΓΑΛΗΝ ΑΠΑΤΗΝ
ΛΟΣ ΑΝΤΖΕΛΕΣ, 11. (Ἀσσ. Πρές).— Ὁ 36ετής Χρῆστος Κυρούσης συνελήφθη κατηγορούμενος διά μεγάλην ἀπάτην εἰς βάρος πολλῶν ὁμογενῶν, οἱ ὁποῖοι τοῦ εἶχον ἐμπιστευθῆ τάς οἰκονομίας των. Τό ποσόν ὑπερβαίνει τάς 100.000 δολλάρια.
ΣΥΓΚΑΛΕΙΤΑΙ ΕΙΣ ΑΘΗΝΑΣ ΤΟ Β' ΣΥΝΕΔΡΙΟΝ ΦΟΙΤΗΤΩΝ
Πρωτοβουλίᾳ τῆς διοικούσης ἐπιτροπῆς τῆς Ἐθνικῆς Φοιτητικῆς Ἑνώσεως συγκαλεῖται εἰς Ἀθήνας τό Β' Πανελλήνιον Συνέδριον Φοιτητῶν. Εἰς τό συνέδριον θά συζητηθοῦν τά προβλήματα τῶν φοιτητῶν, ἡ στέγασις, ἡ σίτισις καί αἱ ὑποτροφίαι. Θά μετάσχουν ἀντιπρόσωποι ἐξ ὅλων τῶν ἀνωτάτων σχολῶν τῆς χώρας.
ΜΙΚΡΑΙ ΕΙΔΗΣΕΙΣ ΕΞ ΑΘΗΝΩΝ ΧΩΡΙΣ ΤΙΤΛΟΝ
ΑΘΗΝΑΙ, 11.— Ὁ πρεσβευτής τῆς Ἑλλάδος εἰς Λονδῖνον ἀφίχθη σήμερον εἰς Ἀθήνας διά διαβουλεύσεις. Ὁ Ὑπουργός Συντονισμοῦ ἐδέχθη ἀντιπροσωπείαν τῶν βιομηχάνων. Ἡ Βουλή θά συνέλθῃ τήν προσεχῆ Τρίτην εἰς ἔκτακτον σύνοδον. Ὁ Ὑπουργός Παιδείας ἐπεσκέφθη τά νέα διδακτήρια τῆς πρωτευούσης. Ἐνεκρίθη ἡ δαπάνη διά τήν ἐπέκτασιν τοῦ λιμένος Πειραιῶς. Ἡ Ἀστυνομία Πόλεων ἀνακοινοῖ νέα μέτρα διά τήν κυκλοφορίαν. Ὁ Πρόεδρος τῆς Κυβερνήσεως θά ἀναχωρήσῃ διά Παρισίους. Τό Ὑπουργικόν Συμβούλιον θά συνέλθῃ αὔριον. Ὁ Ἀρχηγός τοῦ Γενικοῦ Ἐπιτελείου ἐπεθεώρησε τάς μονάδας τῆς Βορείου Ἑλλάδος.
